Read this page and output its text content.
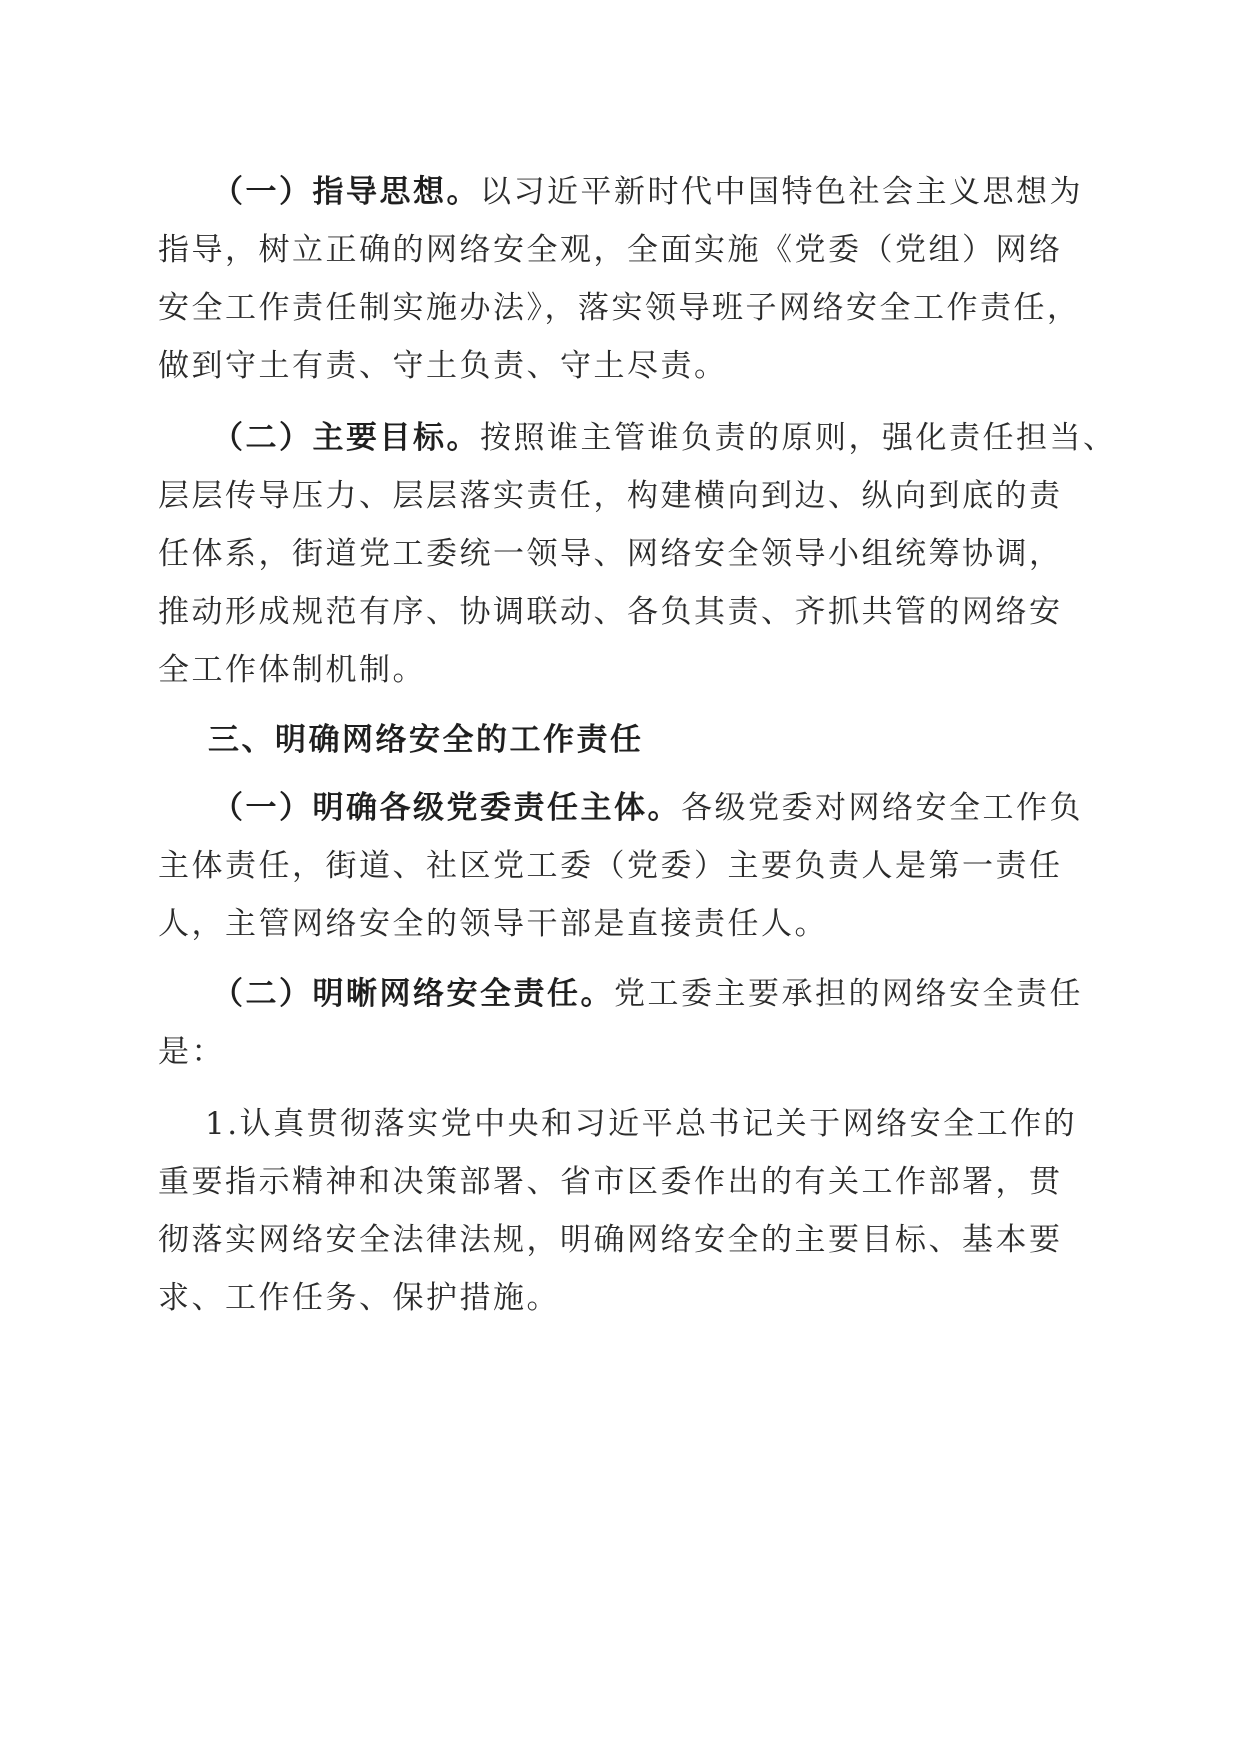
（一）指导思想。以习近平新时代中国特色社会主义思想为
指导，树立正确的网络安全观，全面实施《党委（党组）网络
安全工作责任制实施办法》，落实领导班子网络安全工作责任，
做到守土有责、守土负责、守土尽责。
（二）主要目标。按照谁主管谁负责的原则，强化责任担当、
层层传导压力、层层落实责任，构建横向到边、纵向到底的责
任体系，街道党工委统一领导、网络安全领导小组统筹协调，
推动形成规范有序、协调联动、各负其责、齐抓共管的网络安
全工作体制机制。
三、明确网络安全的工作责任
（一）明确各级党委责任主体。各级党委对网络安全工作负
主体责任，街道、社区党工委（党委）主要负责人是第一责任
人，主管网络安全的领导干部是直接责任人。
（二）明晰网络安全责任。党工委主要承担的网络安全责任
是：
1.认真贯彻落实党中央和习近平总书记关于网络安全工作的
重要指示精神和决策部署、省市区委作出的有关工作部署，贯
彻落实网络安全法律法规，明确网络安全的主要目标、基本要
求、工作任务、保护措施。
